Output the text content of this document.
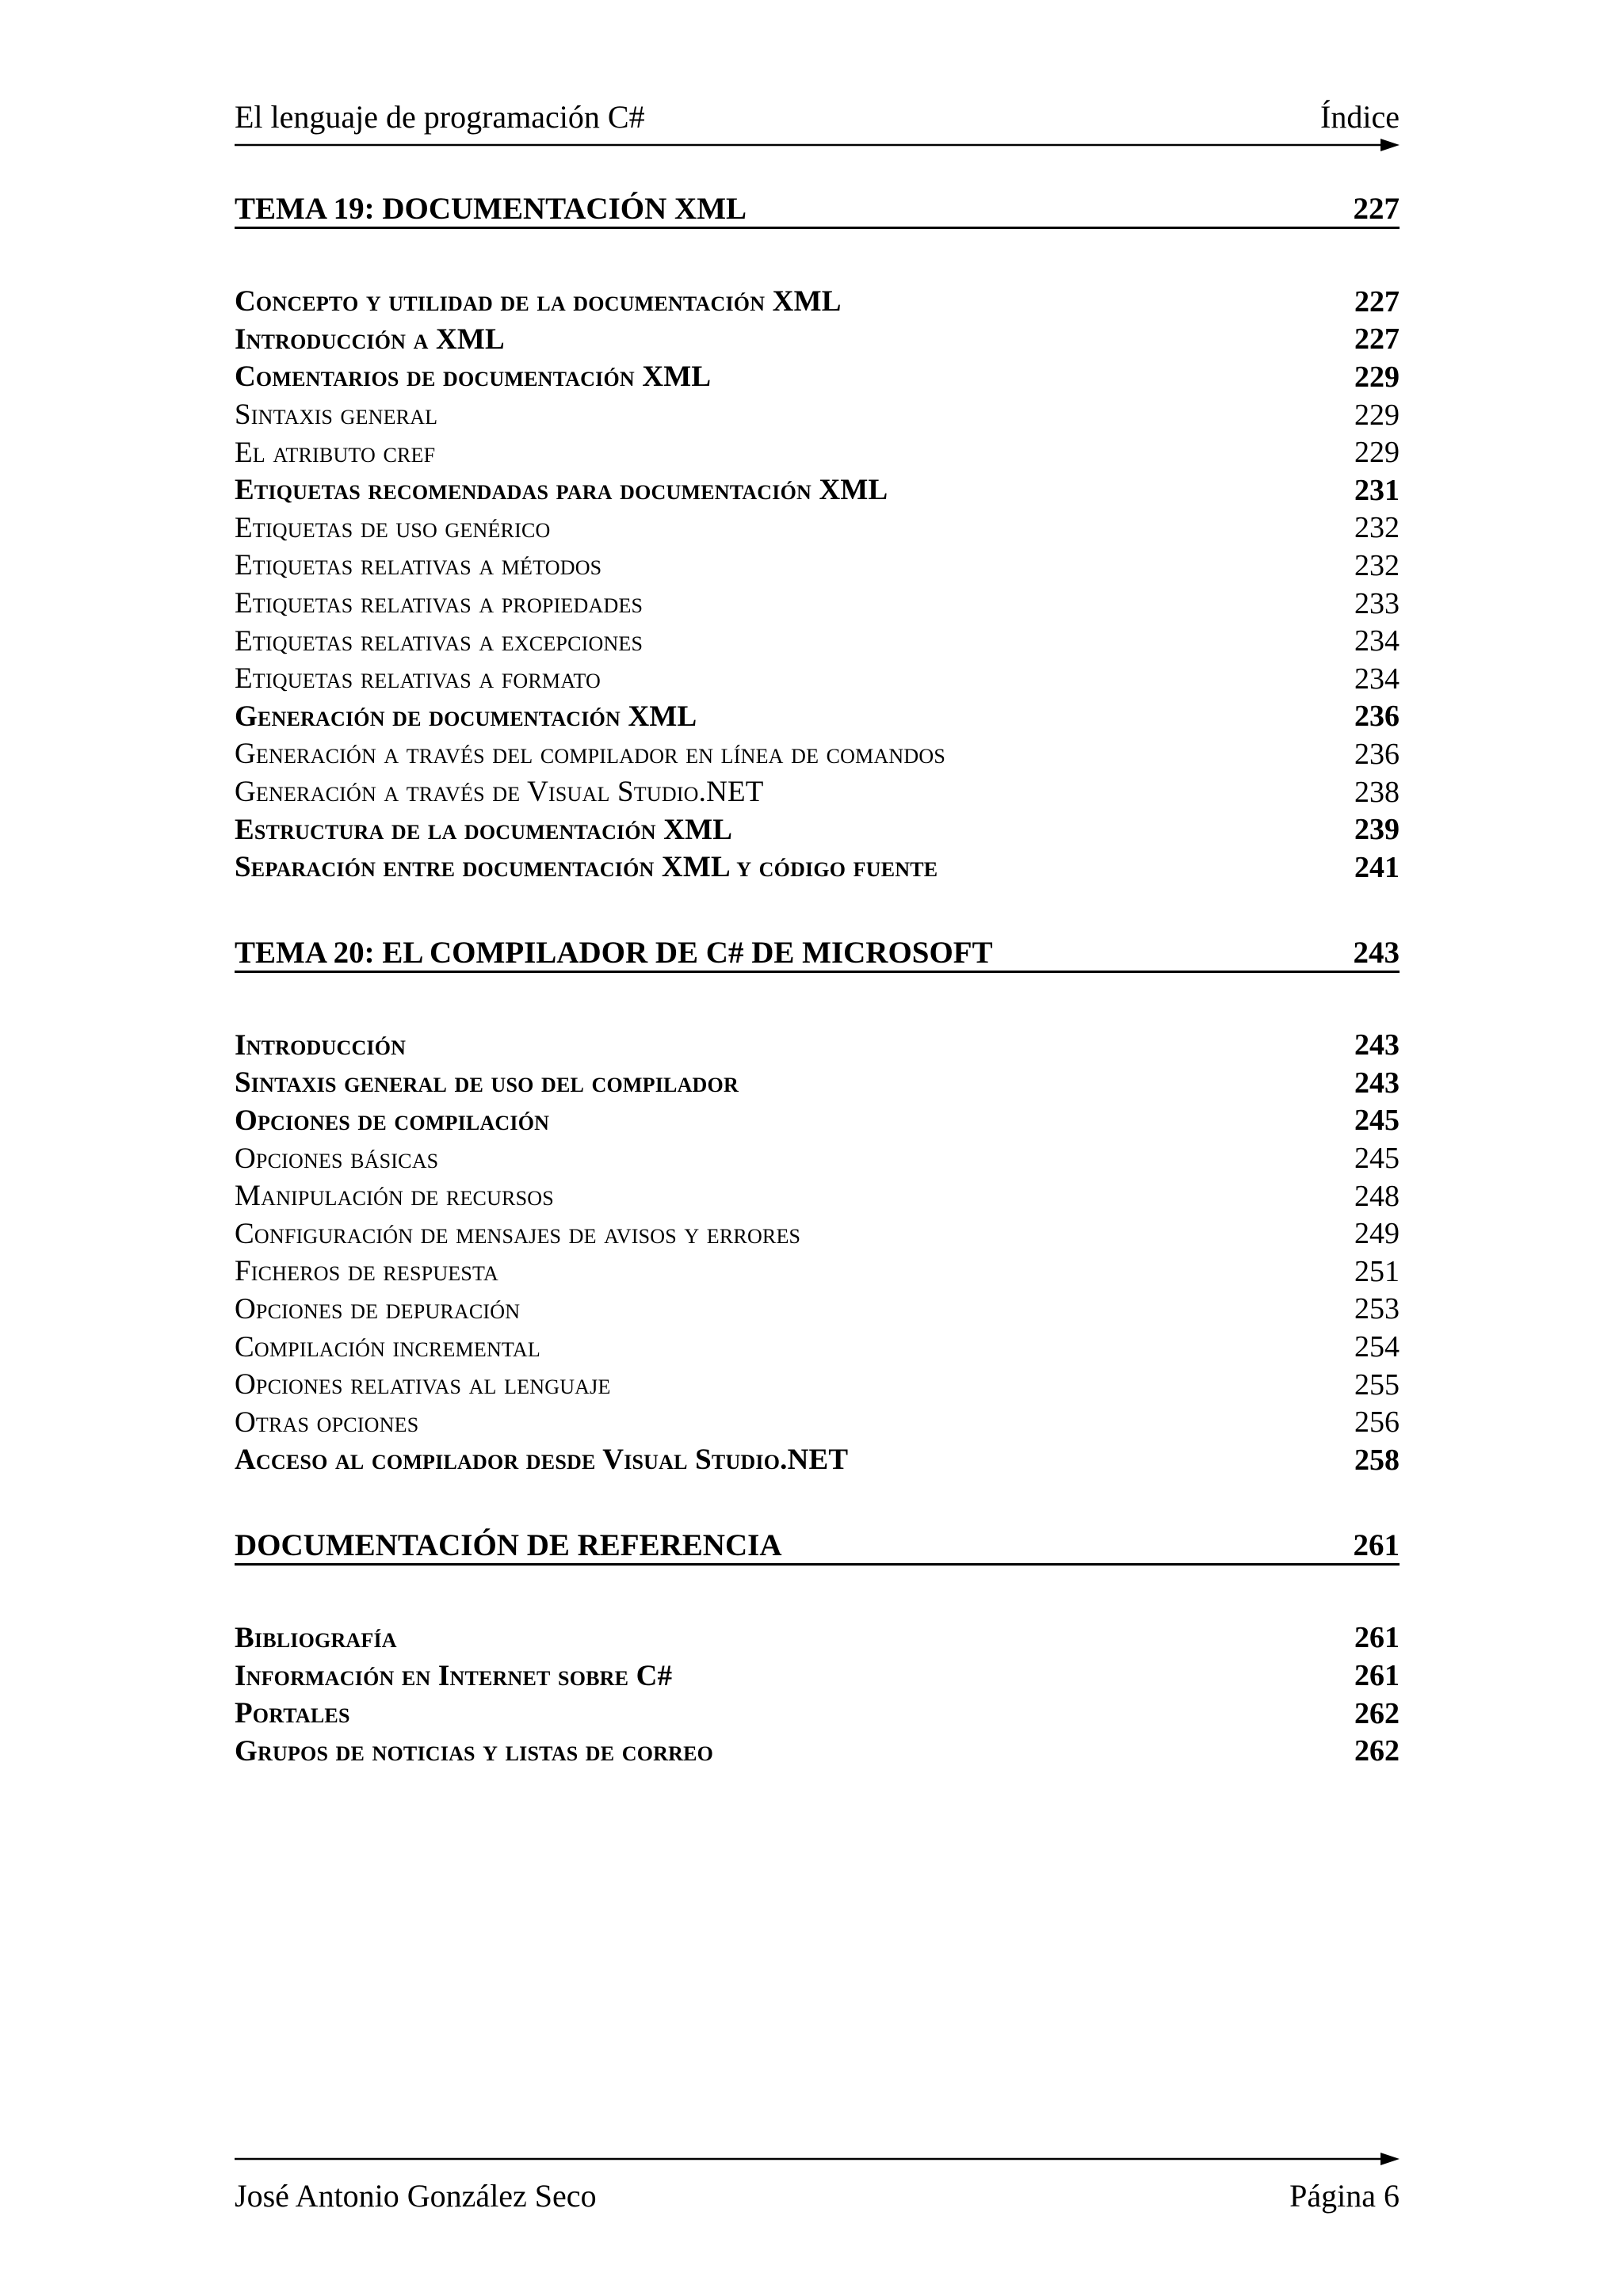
El lenguaje de programación C#	Índice
TEMA 19: DOCUMENTACIÓN XML	227
Concepto y utilidad de la documentación XML	227
Introducción a XML	227
Comentarios de documentación XML	229
Sintaxis general	229
El atributo cref	229
Etiquetas recomendadas para documentación XML	231
Etiquetas de uso genérico	232
Etiquetas relativas a métodos	232
Etiquetas relativas a propiedades	233
Etiquetas relativas a excepciones	234
Etiquetas relativas a formato	234
Generación de documentación XML	236
Generación a través del compilador en línea de comandos	236
Generación a través de Visual Studio.NET	238
Estructura de la documentación XML	239
Separación entre documentación XML y código fuente	241
TEMA 20: EL COMPILADOR DE C# DE MICROSOFT	243
Introducción	243
Sintaxis general de uso del compilador	243
Opciones de compilación	245
Opciones básicas	245
Manipulación de recursos	248
Configuración de mensajes de avisos y errores	249
Ficheros de respuesta	251
Opciones de depuración	253
Compilación incremental	254
Opciones relativas al lenguaje	255
Otras opciones	256
Acceso al compilador desde Visual Studio.NET	258
DOCUMENTACIÓN DE REFERENCIA	261
Bibliografía	261
Información en Internet sobre C#	261
Portales	262
Grupos de noticias y listas de correo	262
José Antonio González Seco	Página 6
